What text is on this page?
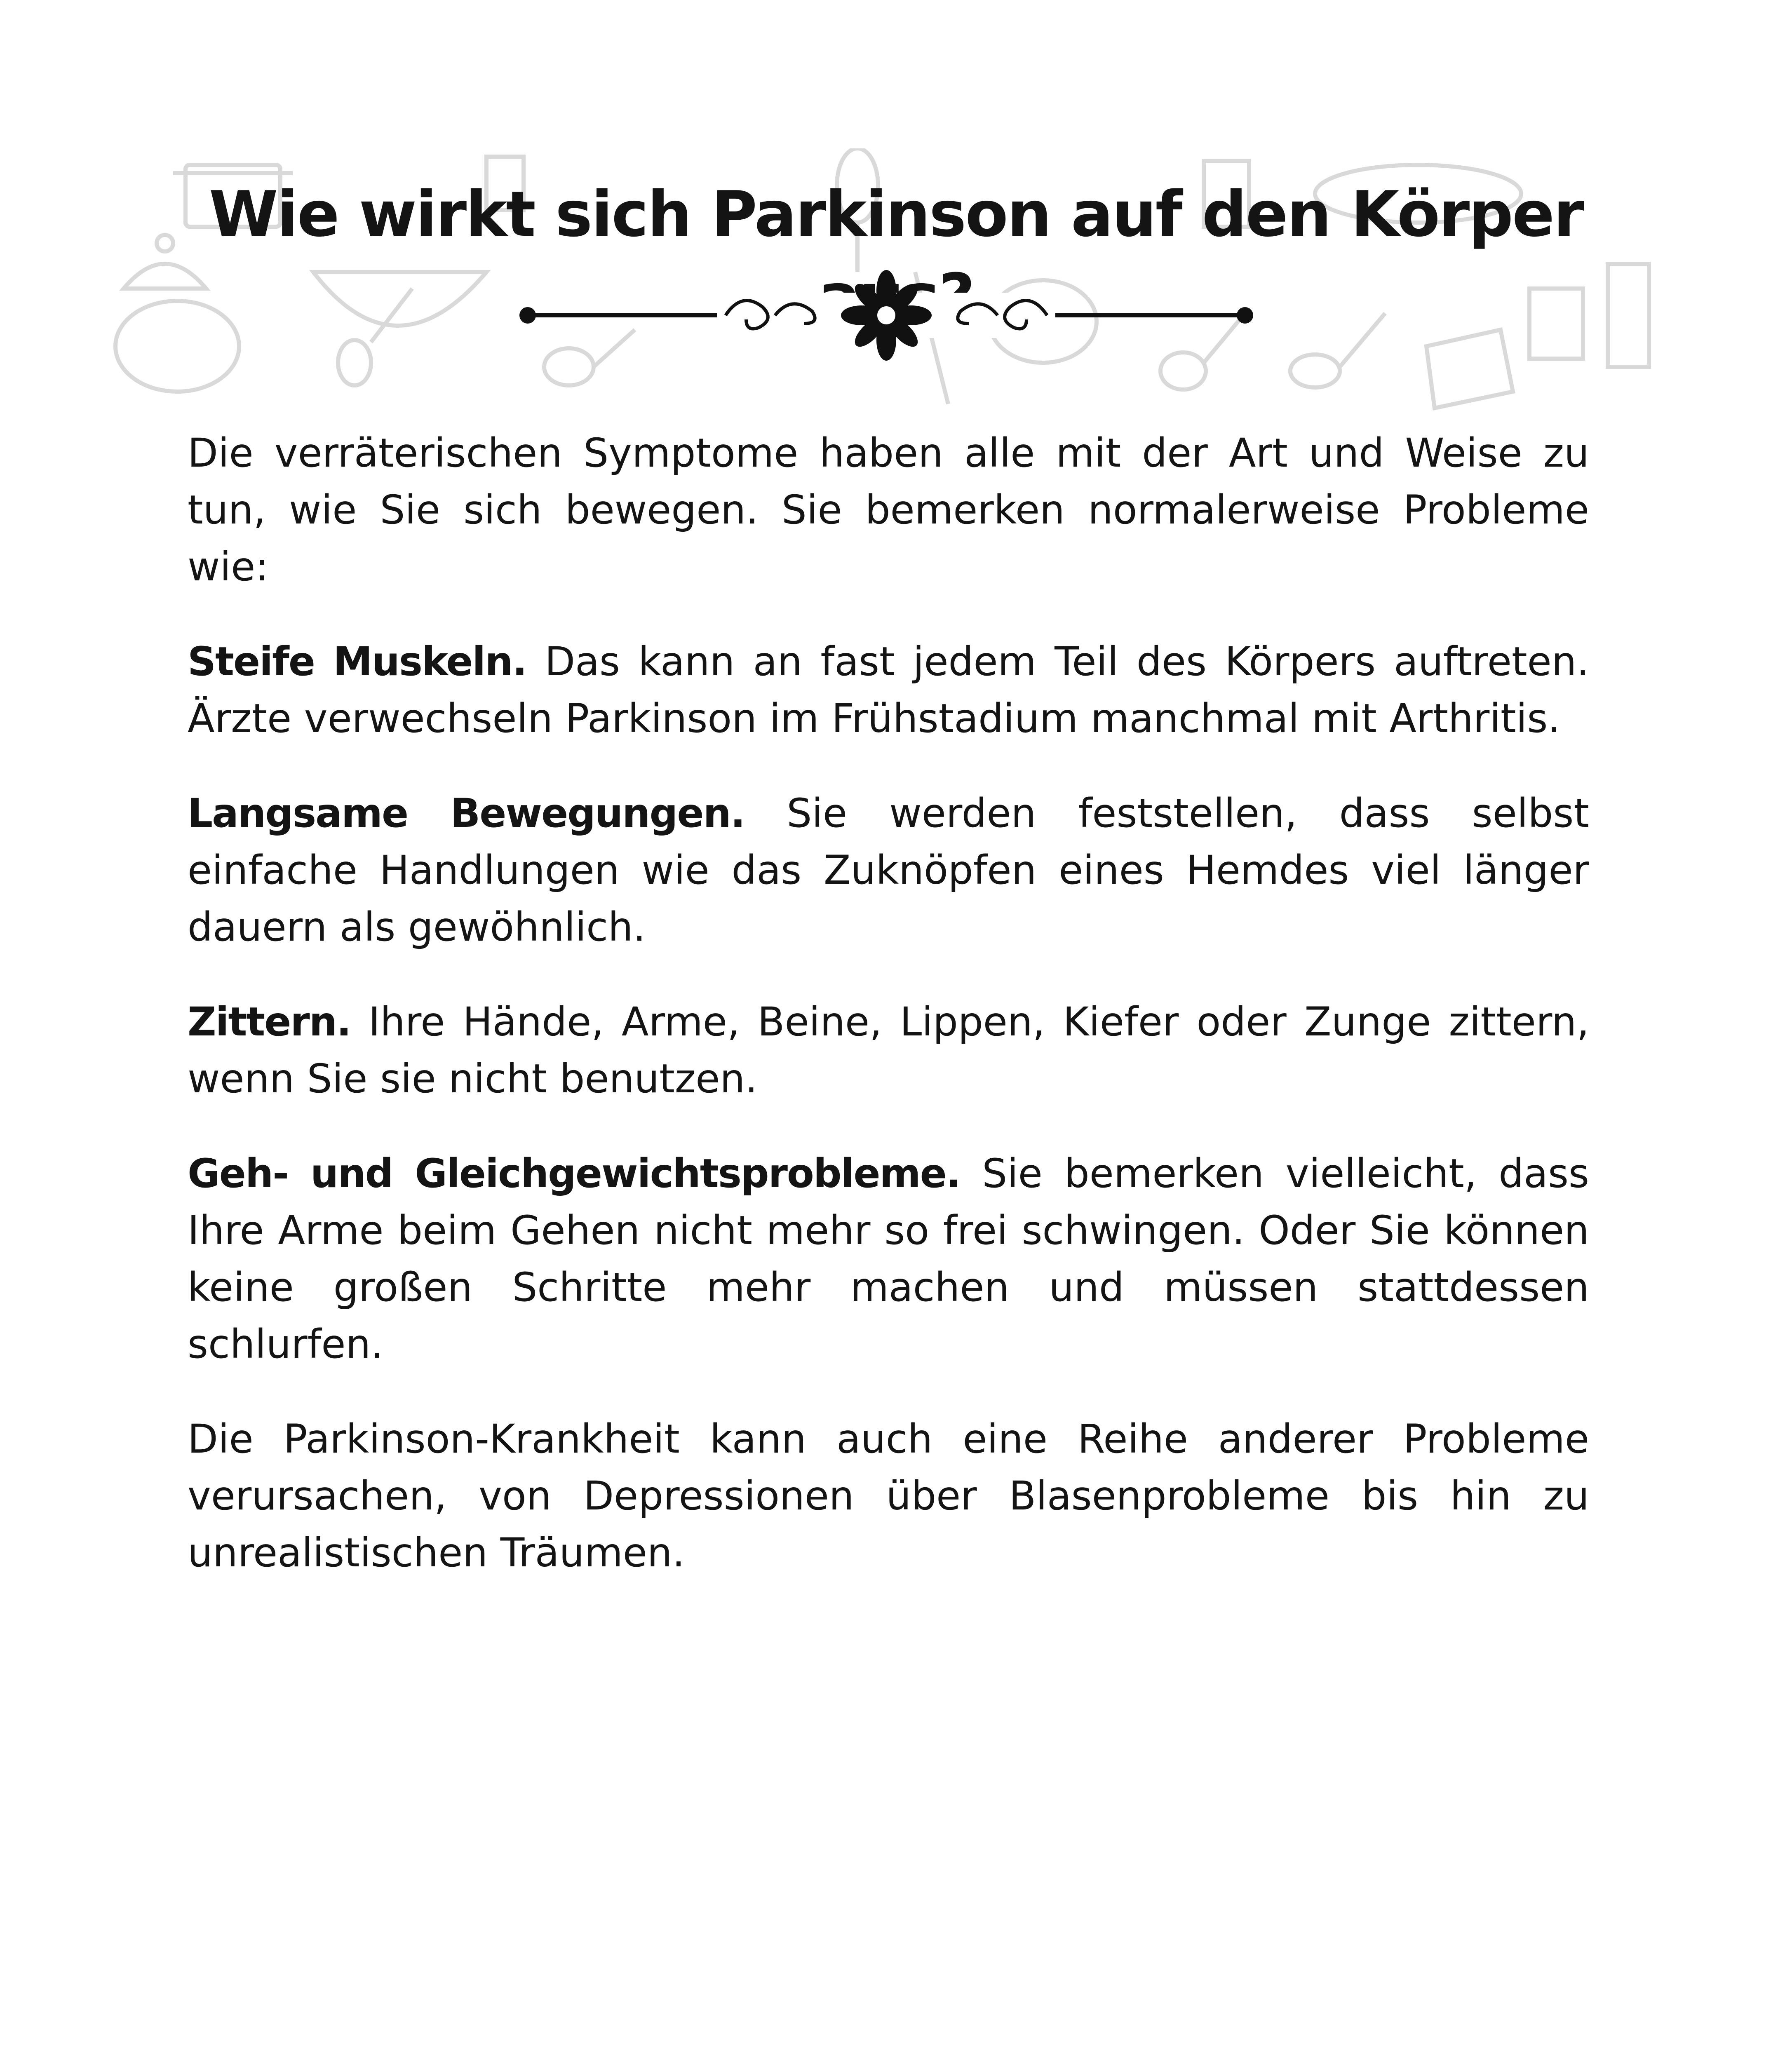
Wie wirkt sich Parkinson auf den Körper

Die verräterischen Symptome haben alle mit der Art und Weise zu tun, wie Sie sich bewegen. Sie bemerken normalerweise Probleme wie:

Steife Muskeln. Das kann an fast jedem Teil des Körpers auftreten. Ärzte verwechseln Parkinson im Frühstadium manchmal mit Arthritis.

Langsame Bewegungen. Sie werden feststellen, dass selbst einfache Handlungen wie das Zuknöpfen eines Hemdes viel länger dauern als gewöhnlich.

Zittern. Ihre Hände, Arme, Beine, Lippen, Kiefer oder Zunge zittern, wenn Sie sie nicht benutzen.

Geh- und Gleichgewichtsprobleme. Sie bemerken vielleicht, dass Ihre Arme beim Gehen nicht mehr so frei schwingen. Oder Sie können keine großen Schritte mehr machen und müssen stattdessen schlurfen.

Die Parkinson-Krankheit kann auch eine Reihe anderer Probleme verursachen, von Depressionen über Blasenprobleme bis hin zu unrealistischen Träumen.
